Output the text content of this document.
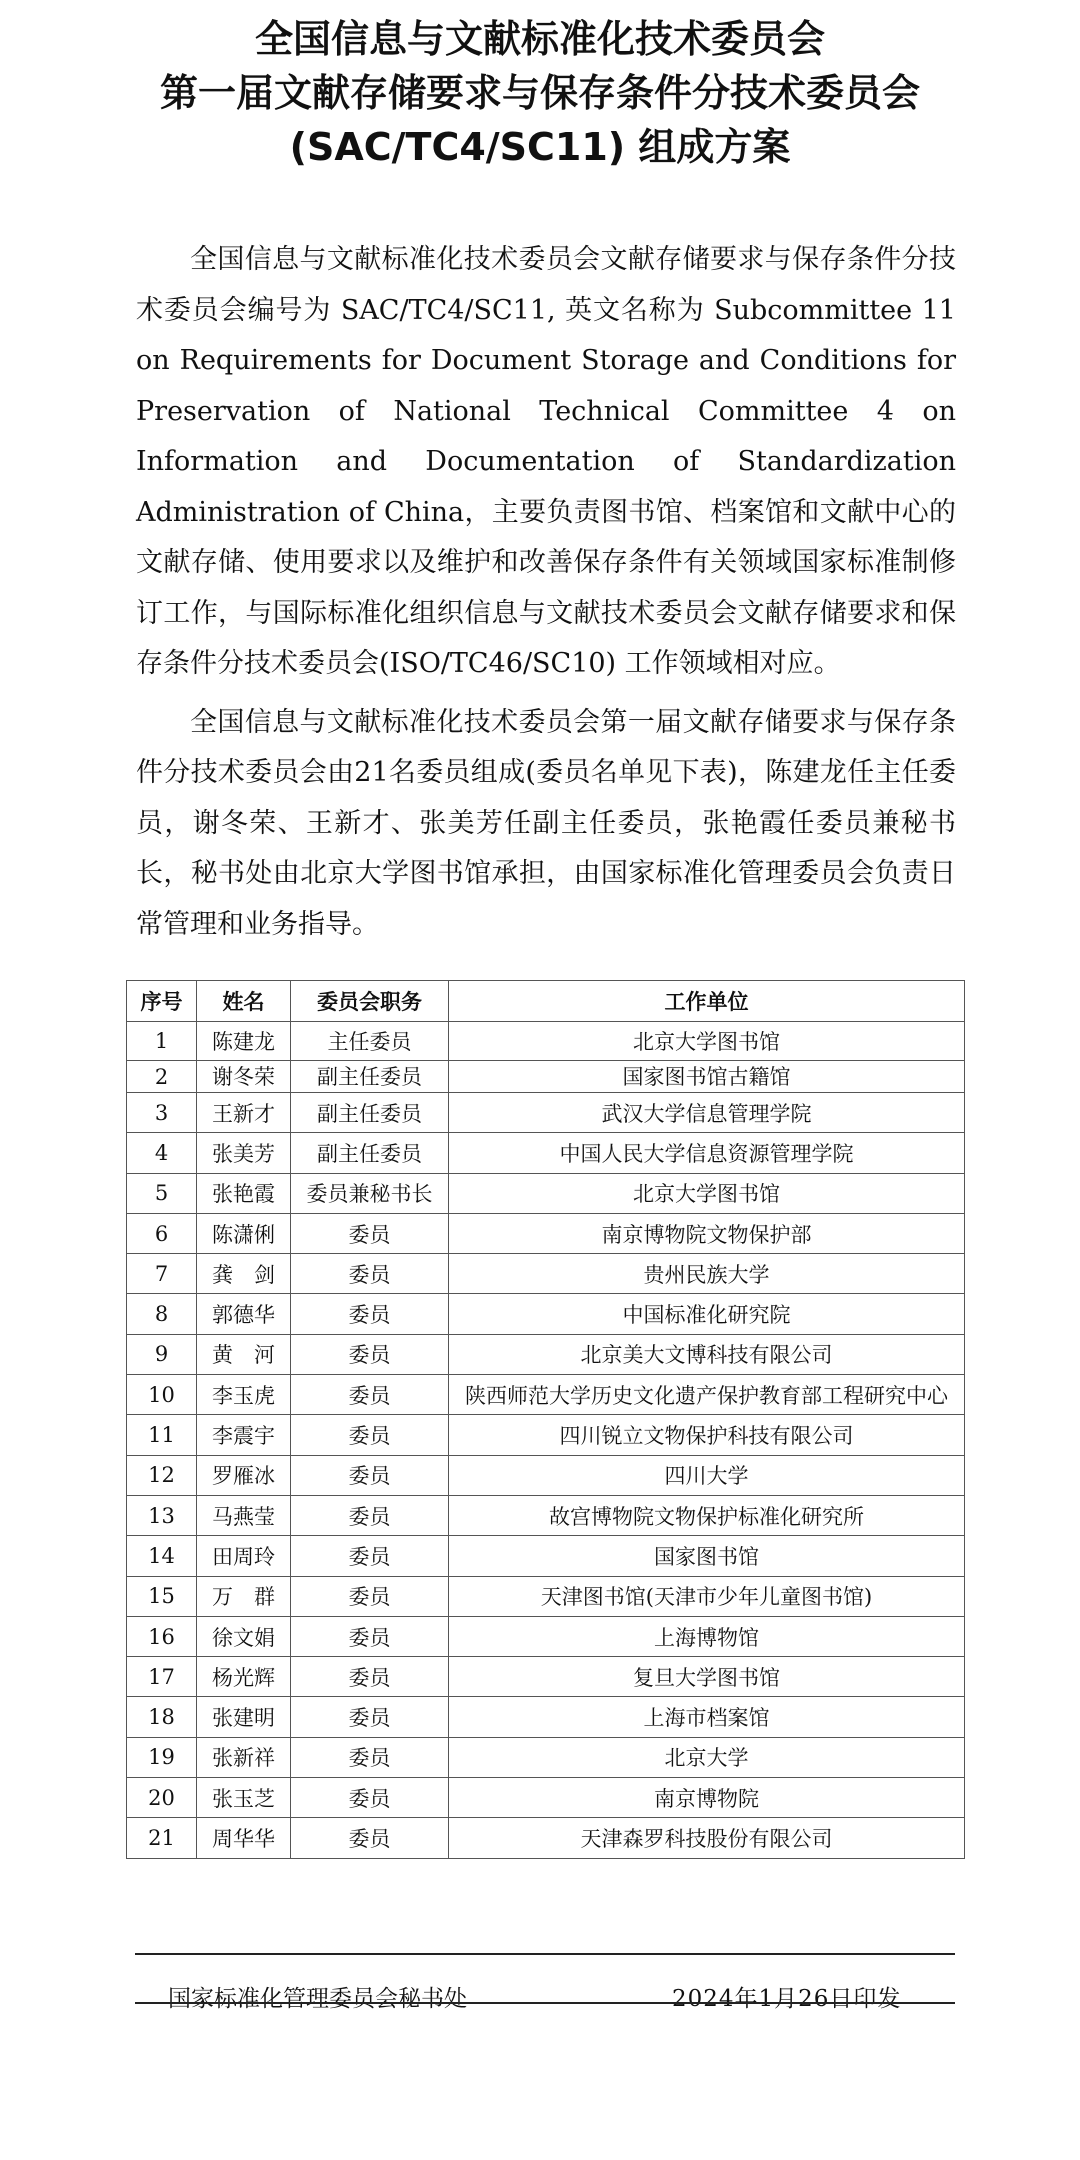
全国信息与文献标准化技术委员会
第一届文献存储要求与保存条件分技术委员会
(SAC/TC4/SC11) 组成方案

全国信息与文献标准化技术委员会文献存储要求与保存条件分技术委员会编号为 SAC/TC4/SC11, 英文名称为 Subcommittee 11 on Requirements for Document Storage and Conditions for Preservation of National Technical Committee 4 on Information and Documentation of Standardization Administration of China，主要负责图书馆、档案馆和文献中心的文献存储、使用要求以及维护和改善保存条件有关领域国家标准制修订工作，与国际标准化组织信息与文献技术委员会文献存储要求和保存条件分技术委员会(ISO/TC46/SC10) 工作领域相对应。

全国信息与文献标准化技术委员会第一届文献存储要求与保存条件分技术委员会由21名委员组成(委员名单见下表)，陈建龙任主任委员，谢冬荣、王新才、张美芳任副主任委员，张艳霞任委员兼秘书长，秘书处由北京大学图书馆承担，由国家标准化管理委员会负责日常管理和业务指导。

序号	姓名	委员会职务	工作单位
1	陈建龙	主任委员	北京大学图书馆
2	谢冬荣	副主任委员	国家图书馆古籍馆
3	王新才	副主任委员	武汉大学信息管理学院
4	张美芳	副主任委员	中国人民大学信息资源管理学院
5	张艳霞	委员兼秘书长	北京大学图书馆
6	陈潇俐	委员	南京博物院文物保护部
7	龚　剑	委员	贵州民族大学
8	郭德华	委员	中国标准化研究院
9	黄　河	委员	北京美大文博科技有限公司
10	李玉虎	委员	陕西师范大学历史文化遗产保护教育部工程研究中心
11	李震宇	委员	四川锐立文物保护科技有限公司
12	罗雁冰	委员	四川大学
13	马燕莹	委员	故宫博物院文物保护标准化研究所
14	田周玲	委员	国家图书馆
15	万　群	委员	天津图书馆(天津市少年儿童图书馆)
16	徐文娟	委员	上海博物馆
17	杨光辉	委员	复旦大学图书馆
18	张建明	委员	上海市档案馆
19	张新祥	委员	北京大学
20	张玉芝	委员	南京博物院
21	周华华	委员	天津森罗科技股份有限公司
国家标准化管理委员会秘书处	2024年1月26日印发
